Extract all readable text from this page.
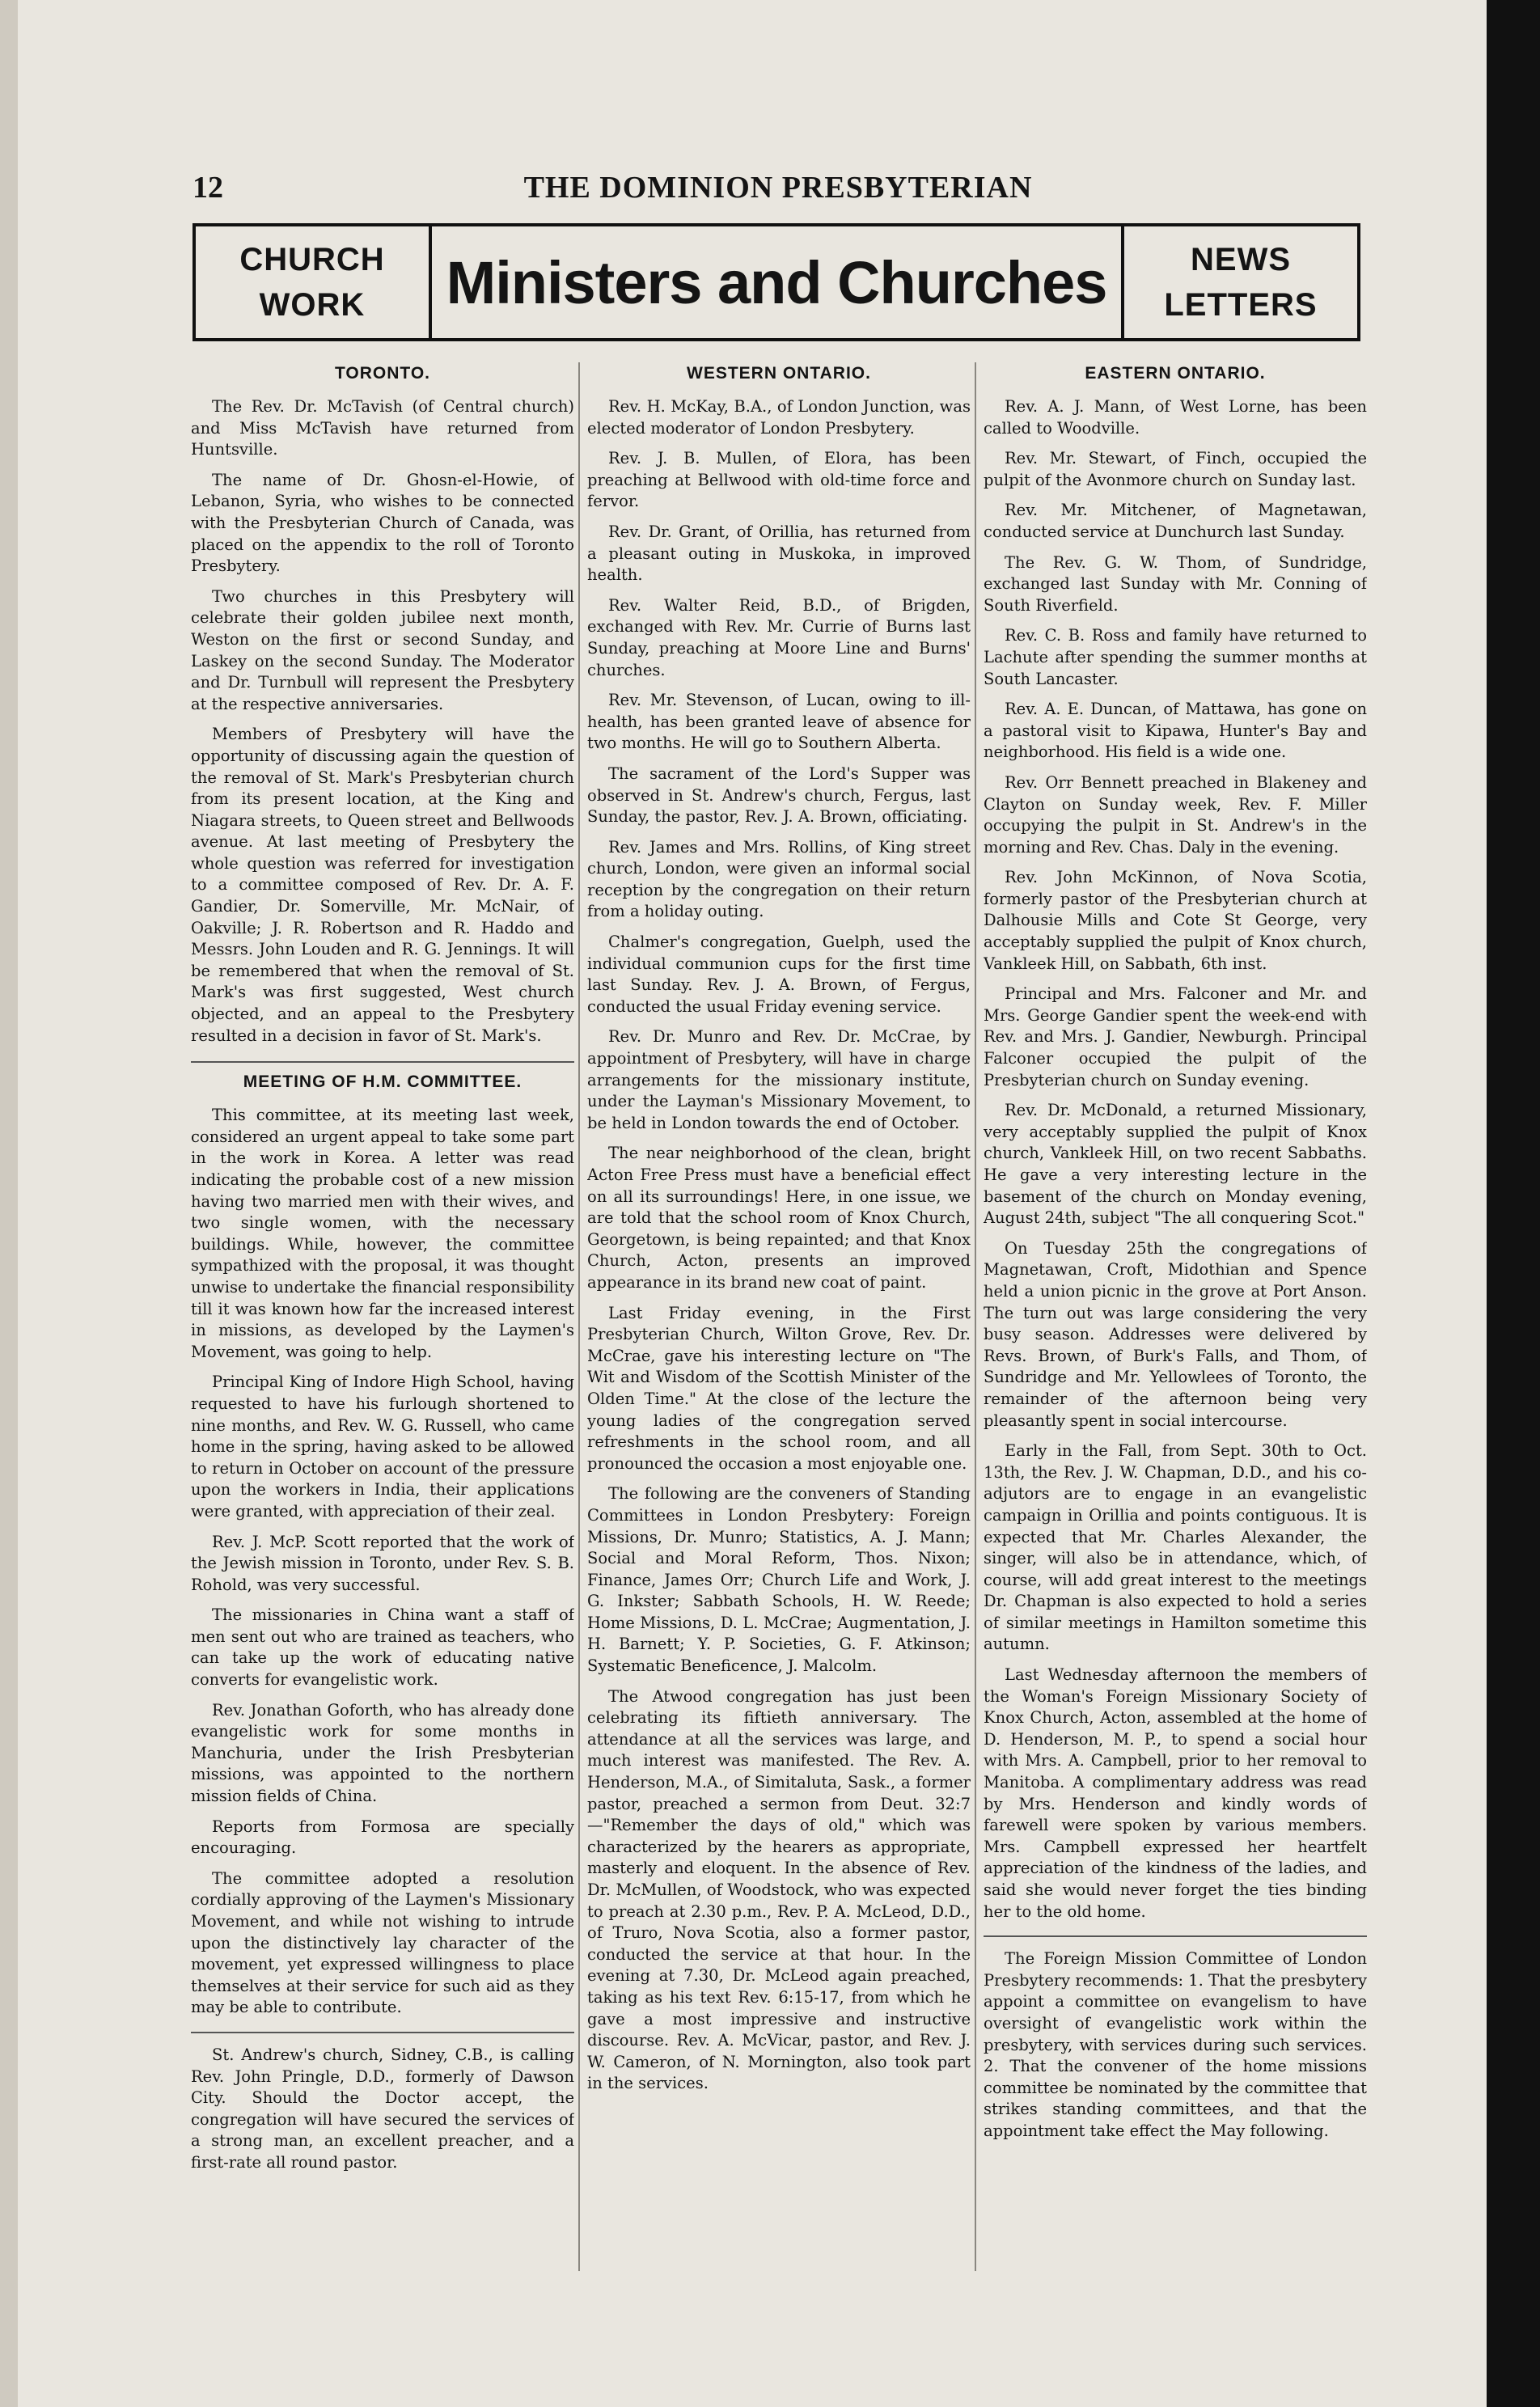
12	THE DOMINION PRESBYTERIAN
CHURCH
WORK Ministers and Churches	NEWS
LETTERS
TORONTO.

The Rev. Dr. McTavish (of Central church) and Miss McTavish have returned from Huntsville.

The name of Dr. Ghosn-el-Howie, of Lebanon, Syria, who wishes to be connected with the Presbyterian Church of Canada, was placed on the appendix to the roll of Toronto Presbytery.

Two churches in this Presbytery will celebrate their golden jubilee next month, Weston on the first or second Sunday, and Laskey on the second Sunday. The Moderator and Dr. Turnbull will represent the Presbytery at the respective anniversaries.

Members of Presbytery will have the opportunity of discussing again the question of the removal of St. Mark's Presbyterian church from its present location, at the King and Niagara streets, to Queen street and Bellwoods avenue. At last meeting of Presbytery the whole question was referred for investigation to a committee composed of Rev. Dr. A. F. Gandier, Dr. Somerville, Mr. McNair, of Oakville; J. R. Robertson and R. Haddo and Messrs. John Louden and R. G. Jennings. It will be remembered that when the removal of St. Mark's was first suggested, West church objected, and an appeal to the Presbytery resulted in a decision in favor of St. Mark's.

MEETING OF H.M. COMMITTEE.

This committee, at its meeting last week, considered an urgent appeal to take some part in the work in Korea. A letter was read indicating the probable cost of a new mission having two married men with their wives, and two single women, with the necessary buildings. While, however, the committee sympathized with the proposal, it was thought unwise to undertake the financial responsibility till it was known how far the increased interest in missions, as developed by the Laymen's Movement, was going to help.

Principal King of Indore High School, having requested to have his furlough shortened to nine months, and Rev. W. G. Russell, who came home in the spring, having asked to be allowed to return in October on account of the pressure upon the workers in India, their applications were granted, with appreciation of their zeal.

Rev. J. McP. Scott reported that the work of the Jewish mission in Toronto, under Rev. S. B. Rohold, was very successful.

The missionaries in China want a staff of men sent out who are trained as teachers, who can take up the work of educating native converts for evangelistic work.

Rev. Jonathan Goforth, who has already done evangelistic work for some months in Manchuria, under the Irish Presbyterian missions, was appointed to the northern mission fields of China.

Reports from Formosa are specially encouraging.

The committee adopted a resolution cordially approving of the Laymen's Missionary Movement, and while not wishing to intrude upon the distinctively lay character of the movement, yet expressed willingness to place themselves at their service for such aid as they may be able to contribute.

St. Andrew's church, Sidney, C.B., is calling Rev. John Pringle, D.D., formerly of Dawson City. Should the Doctor accept, the congregation will have secured the services of a strong man, an excellent preacher, and a first-rate all round pastor.

WESTERN ONTARIO.

Rev. H. McKay, B.A., of London Junction, was elected moderator of London Presbytery.

Rev. J. B. Mullen, of Elora, has been preaching at Bellwood with old-time force and fervor.

Rev. Dr. Grant, of Orillia, has returned from a pleasant outing in Muskoka, in improved health.

Rev. Walter Reid, B.D., of Brigden, exchanged with Rev. Mr. Currie of Burns last Sunday, preaching at Moore Line and Burns' churches.

Rev. Mr. Stevenson, of Lucan, owing to ill-health, has been granted leave of absence for two months. He will go to Southern Alberta.

The sacrament of the Lord's Supper was observed in St. Andrew's church, Fergus, last Sunday, the pastor, Rev. J. A. Brown, officiating.

Rev. James and Mrs. Rollins, of King street church, London, were given an informal social reception by the congregation on their return from a holiday outing.

Chalmer's congregation, Guelph, used the individual communion cups for the first time last Sunday. Rev. J. A. Brown, of Fergus, conducted the usual Friday evening service.

Rev. Dr. Munro and Rev. Dr. McCrae, by appointment of Presbytery, will have in charge arrangements for the missionary institute, under the Layman's Missionary Movement, to be held in London towards the end of October.

The near neighborhood of the clean, bright Acton Free Press must have a beneficial effect on all its surroundings! Here, in one issue, we are told that the school room of Knox Church, Georgetown, is being repainted; and that Knox Church, Acton, presents an improved appearance in its brand new coat of paint.

Last Friday evening, in the First Presbyterian Church, Wilton Grove, Rev. Dr. McCrae, gave his interesting lecture on "The Wit and Wisdom of the Scottish Minister of the Olden Time." At the close of the lecture the young ladies of the congregation served refreshments in the school room, and all pronounced the occasion a most enjoyable one.

The following are the conveners of Standing Committees in London Presbytery: Foreign Missions, Dr. Munro; Statistics, A. J. Mann; Social and Moral Reform, Thos. Nixon; Finance, James Orr; Church Life and Work, J. G. Inkster; Sabbath Schools, H. W. Reede; Home Missions, D. L. McCrae; Augmentation, J. H. Barnett; Y. P. Societies, G. F. Atkinson; Systematic Beneficence, J. Malcolm.

The Atwood congregation has just been celebrating its fiftieth anniversary. The attendance at all the services was large, and much interest was manifested. The Rev. A. Henderson, M.A., of Simitaluta, Sask., a former pastor, preached a sermon from Deut. 32:7—"Remember the days of old," which was characterized by the hearers as appropriate, masterly and eloquent. In the absence of Rev. Dr. McMullen, of Woodstock, who was expected to preach at 2.30 p.m., Rev. P. A. McLeod, D.D., of Truro, Nova Scotia, also a former pastor, conducted the service at that hour. In the evening at 7.30, Dr. McLeod again preached, taking as his text Rev. 6:15-17, from which he gave a most impressive and instructive discourse. Rev. A. McVicar, pastor, and Rev. J. W. Cameron, of N. Mornington, also took part in the services.

EASTERN ONTARIO.

Rev. A. J. Mann, of West Lorne, has been called to Woodville.

Rev. Mr. Stewart, of Finch, occupied the pulpit of the Avonmore church on Sunday last.

Rev. Mr. Mitchener, of Magnetawan, conducted service at Dunchurch last Sunday.

The Rev. G. W. Thom, of Sundridge, exchanged last Sunday with Mr. Conning of South Riverfield.

Rev. C. B. Ross and family have returned to Lachute after spending the summer months at South Lancaster.

Rev. A. E. Duncan, of Mattawa, has gone on a pastoral visit to Kipawa, Hunter's Bay and neighborhood. His field is a wide one.

Rev. Orr Bennett preached in Blakeney and Clayton on Sunday week, Rev. F. Miller occupying the pulpit in St. Andrew's in the morning and Rev. Chas. Daly in the evening.

Rev. John McKinnon, of Nova Scotia, formerly pastor of the Presbyterian church at Dalhousie Mills and Cote St George, very acceptably supplied the pulpit of Knox church, Vankleek Hill, on Sabbath, 6th inst.

Principal and Mrs. Falconer and Mr. and Mrs. George Gandier spent the week-end with Rev. and Mrs. J. Gandier, Newburgh. Principal Falconer occupied the pulpit of the Presbyterian church on Sunday evening.

Rev. Dr. McDonald, a returned Missionary, very acceptably supplied the pulpit of Knox church, Vankleek Hill, on two recent Sabbaths. He gave a very interesting lecture in the basement of the church on Monday evening, August 24th, subject "The all conquering Scot."

On Tuesday 25th the congregations of Magnetawan, Croft, Midothian and Spence held a union picnic in the grove at Port Anson. The turn out was large considering the very busy season. Addresses were delivered by Revs. Brown, of Burk's Falls, and Thom, of Sundridge and Mr. Yellowlees of Toronto, the remainder of the afternoon being very pleasantly spent in social intercourse.

Early in the Fall, from Sept. 30th to Oct. 13th, the Rev. J. W. Chapman, D.D., and his co-adjutors are to engage in an evangelistic campaign in Orillia and points contiguous. It is expected that Mr. Charles Alexander, the singer, will also be in attendance, which, of course, will add great interest to the meetings Dr. Chapman is also expected to hold a series of similar meetings in Hamilton sometime this autumn.

Last Wednesday afternoon the members of the Woman's Foreign Missionary Society of Knox Church, Acton, assembled at the home of D. Henderson, M. P., to spend a social hour with Mrs. A. Campbell, prior to her removal to Manitoba. A complimentary address was read by Mrs. Henderson and kindly words of farewell were spoken by various members. Mrs. Campbell expressed her heartfelt appreciation of the kindness of the ladies, and said she would never forget the ties binding her to the old home.

The Foreign Mission Committee of London Presbytery recommends: 1. That the presbytery appoint a committee on evangelism to have oversight of evangelistic work within the presbytery, with services during such services. 2. That the convener of the home missions committee be nominated by the committee that strikes standing committees, and that the appointment take effect the May following.
